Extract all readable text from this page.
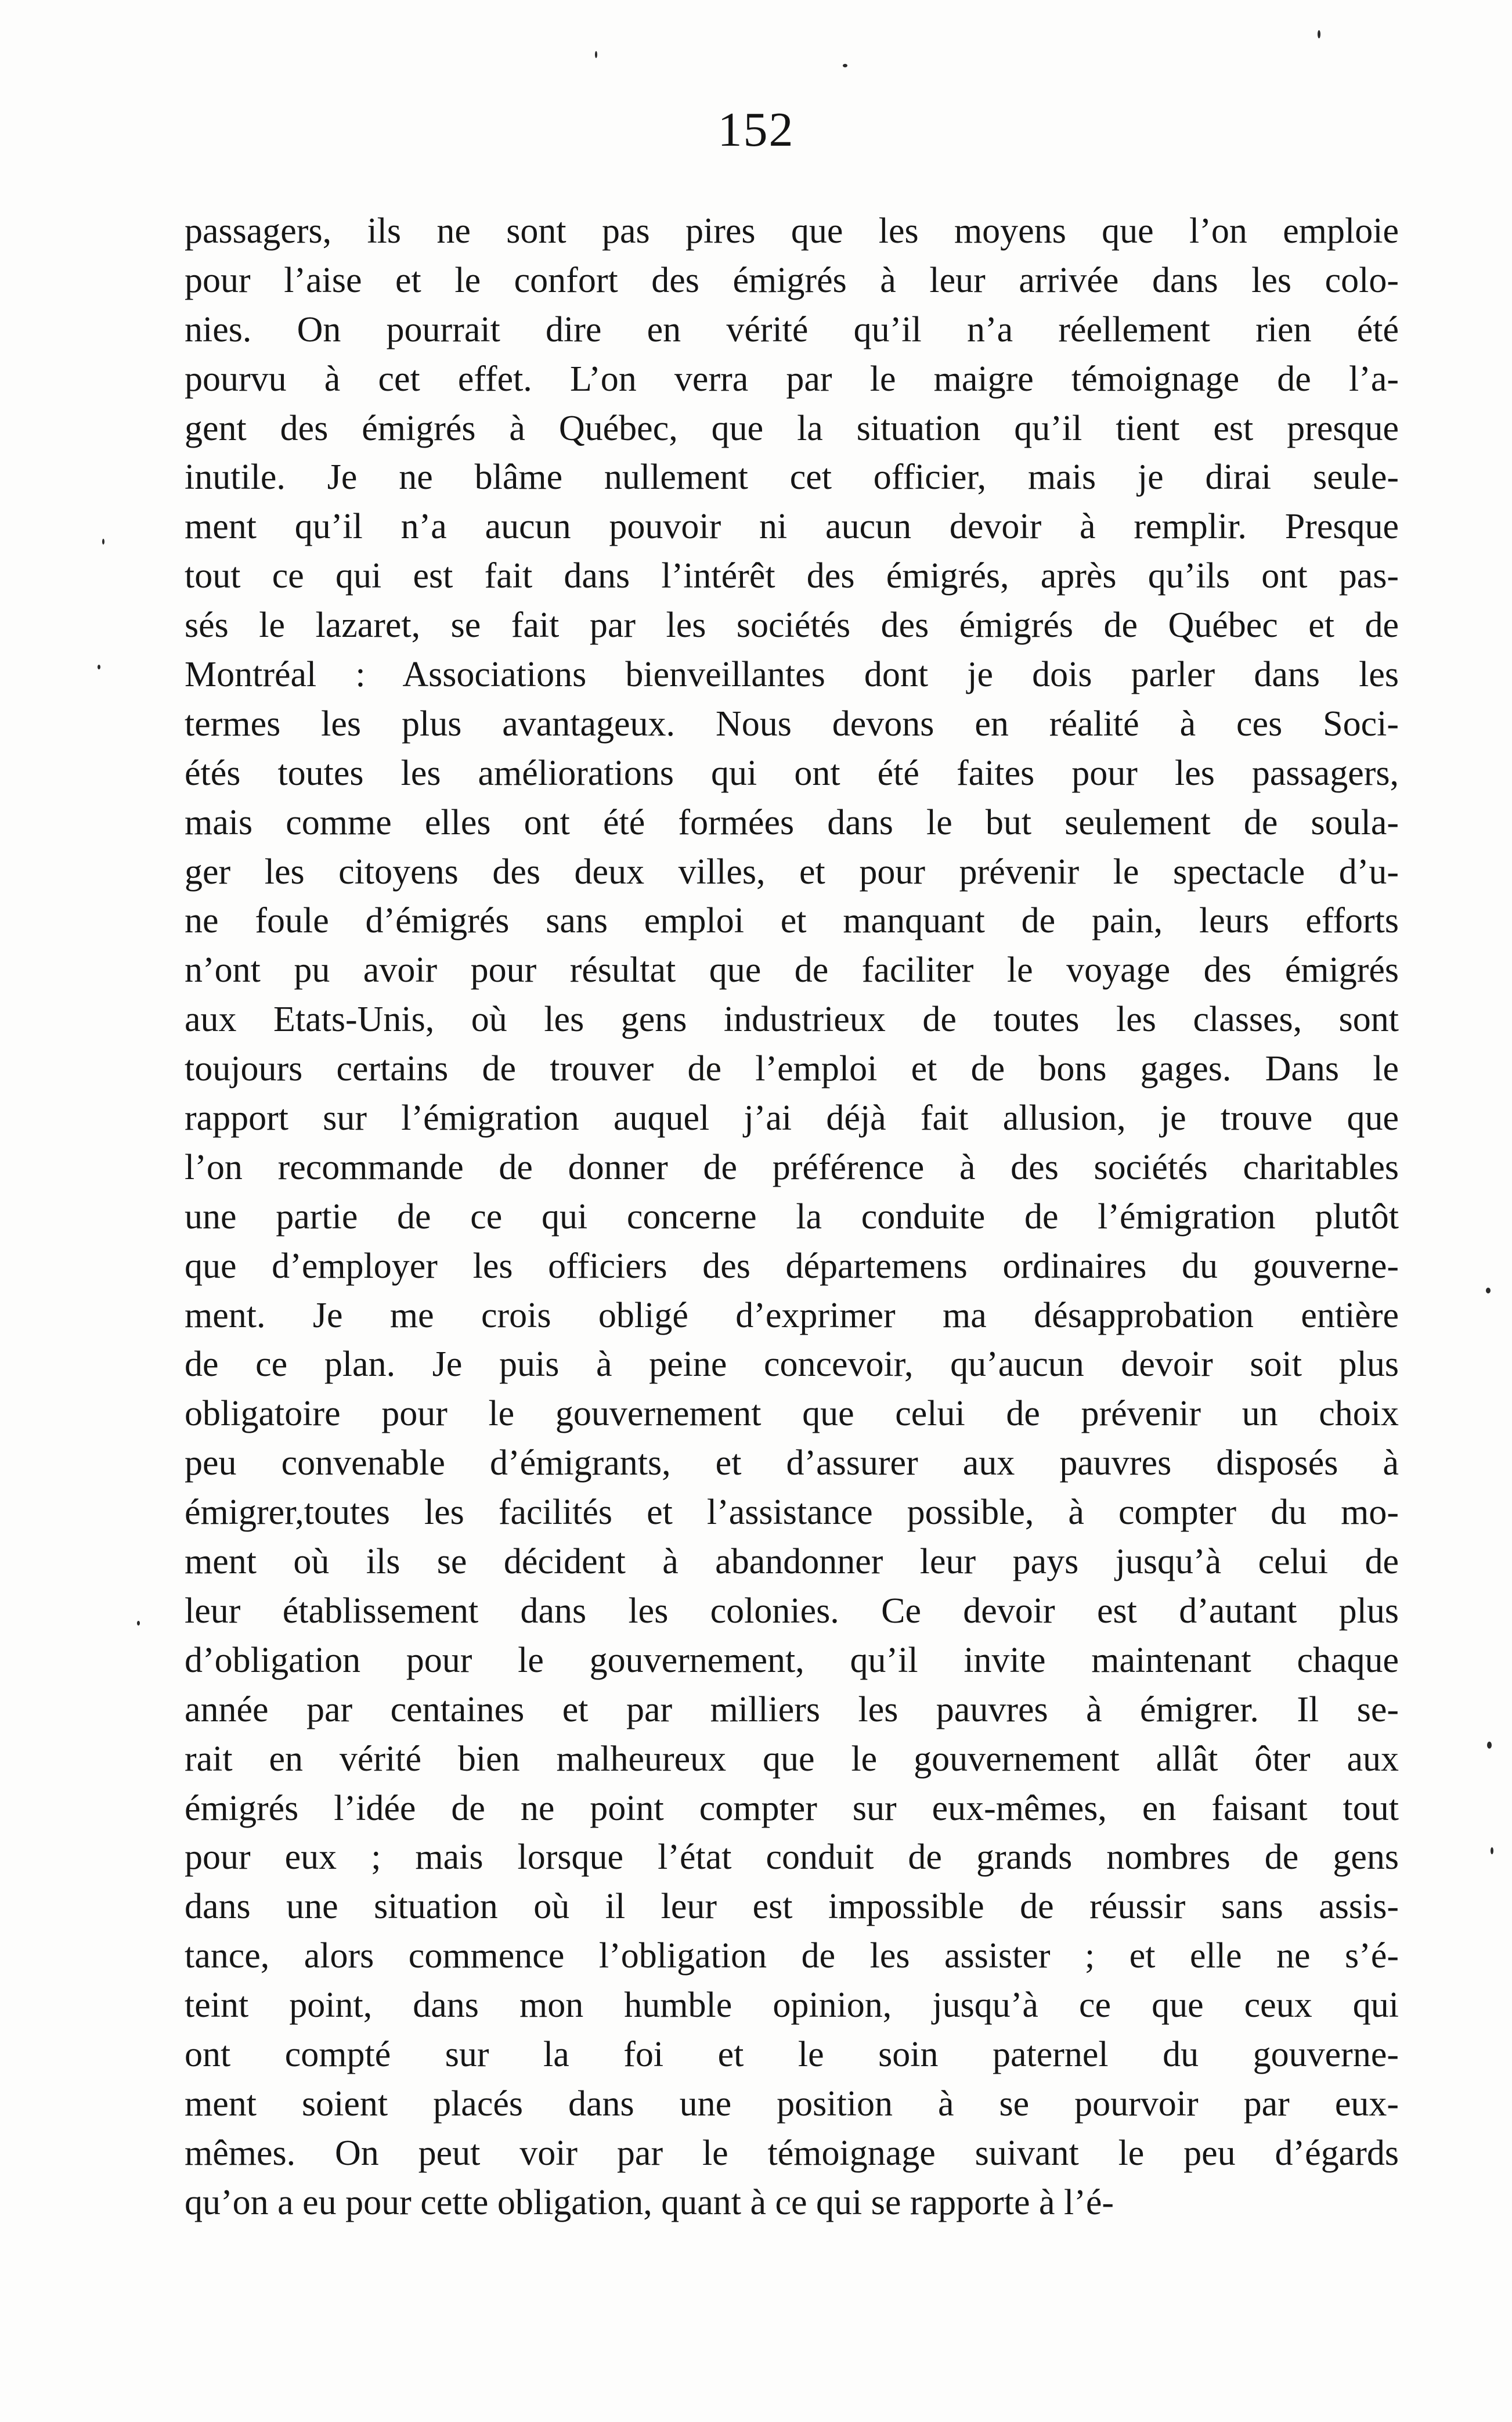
152
passagers, ils ne sont pas pires que les moyens que l’on emploie
pour l’aise et le confort des émigrés à leur arrivée dans les colo-
nies. On pourrait dire en vérité qu’il n’a réellement rien été
pourvu à cet effet. L’on verra par le maigre témoignage de l’a-
gent des émigrés à Québec, que la situation qu’il tient est presque
inutile. Je ne blâme nullement cet officier, mais je dirai seule-
ment qu’il n’a aucun pouvoir ni aucun devoir à remplir. Presque
tout ce qui est fait dans l’intérêt des émigrés, après qu’ils ont pas-
sés le lazaret, se fait par les sociétés des émigrés de Québec et de
Montréal : Associations bienveillantes dont je dois parler dans les
termes les plus avantageux. Nous devons en réalité à ces Soci-
étés toutes les améliorations qui ont été faites pour les passagers,
mais comme elles ont été formées dans le but seulement de soula-
ger les citoyens des deux villes, et pour prévenir le spectacle d’u-
ne foule d’émigrés sans emploi et manquant de pain, leurs efforts
n’ont pu avoir pour résultat que de faciliter le voyage des émigrés
aux Etats-Unis, où les gens industrieux de toutes les classes, sont
toujours certains de trouver de l’emploi et de bons gages. Dans le
rapport sur l’émigration auquel j’ai déjà fait allusion, je trouve que
l’on recommande de donner de préférence à des sociétés charitables
une partie de ce qui concerne la conduite de l’émigration plutôt
que d’employer les officiers des départemens ordinaires du gouverne-
ment. Je me crois obligé d’exprimer ma désapprobation entière
de ce plan. Je puis à peine concevoir, qu’aucun devoir soit plus
obligatoire pour le gouvernement que celui de prévenir un choix
peu convenable d’émigrants, et d’assurer aux pauvres disposés à
émigrer,toutes les facilités et l’assistance possible, à compter du mo-
ment où ils se décident à abandonner leur pays jusqu’à celui de
leur établissement dans les colonies. Ce devoir est d’autant plus
d’obligation pour le gouvernement, qu’il invite maintenant chaque
année par centaines et par milliers les pauvres à émigrer. Il se-
rait en vérité bien malheureux que le gouvernement allât ôter aux
émigrés l’idée de ne point compter sur eux-mêmes, en faisant tout
pour eux ; mais lorsque l’état conduit de grands nombres de gens
dans une situation où il leur est impossible de réussir sans assis-
tance, alors commence l’obligation de les assister ; et elle ne s’é-
teint point, dans mon humble opinion, jusqu’à ce que ceux qui
ont compté sur la foi et le soin paternel du gouverne-
ment soient placés dans une position à se pourvoir par eux-
mêmes. On peut voir par le témoignage suivant le peu d’égards
qu’on a eu pour cette obligation, quant à ce qui se rapporte à l’é-
